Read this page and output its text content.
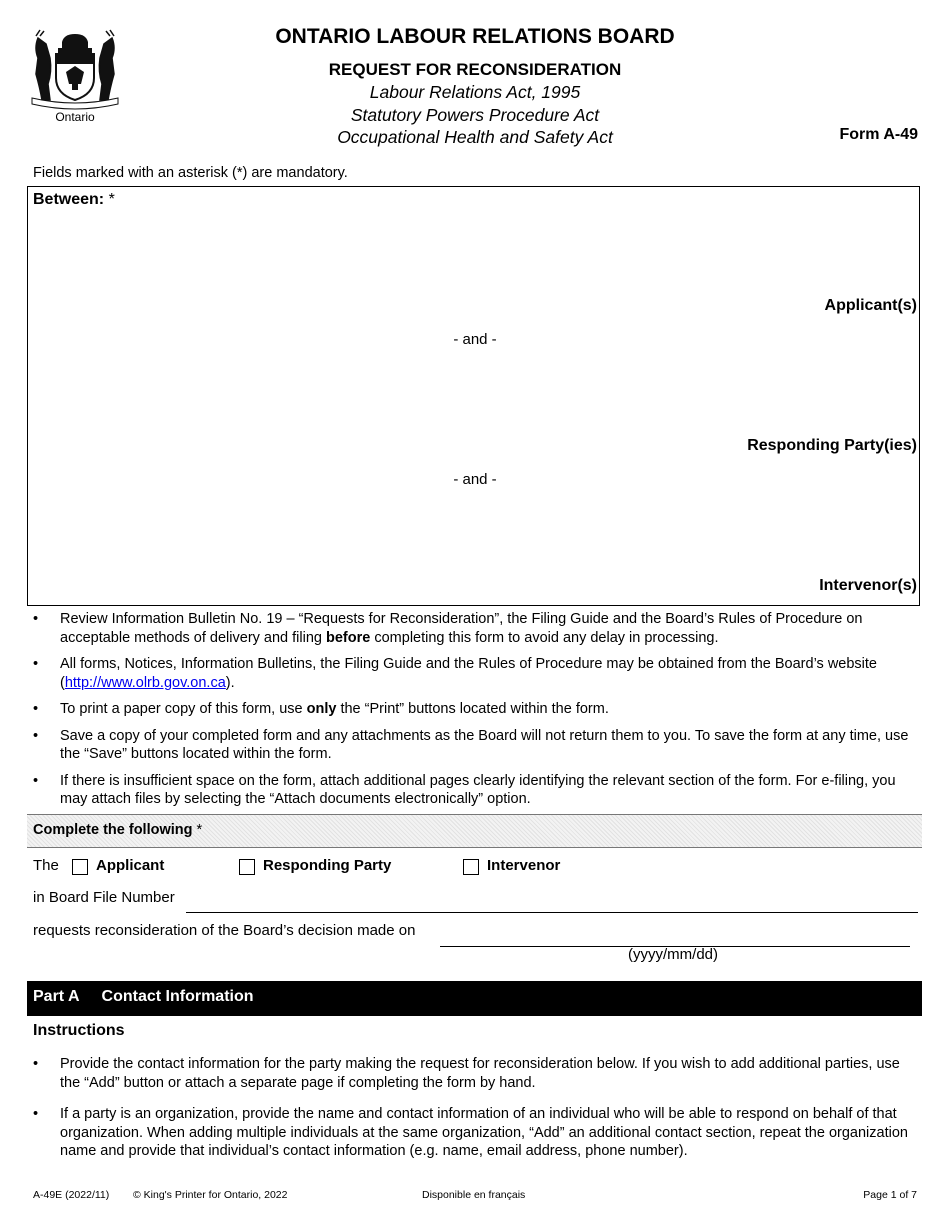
Ontario
ONTARIO LABOUR RELATIONS BOARD
REQUEST FOR RECONSIDERATION
Labour Relations Act, 1995
Statutory Powers Procedure Act
Occupational Health and Safety Act	Form A-49
Fields marked with an asterisk (*) are mandatory.
Between: *
Applicant(s)
- and -
Responding Party(ies)
- and -
Intervenor(s)
• Review Information Bulletin No. 19 – “Requests for Reconsideration”, the Filing Guide and the Board’s Rules of Procedure on acceptable methods of delivery and filing before completing this form to avoid any delay in processing.
• All forms, Notices, Information Bulletins, the Filing Guide and the Rules of Procedure may be obtained from the Board’s website (http://www.olrb.gov.on.ca).
• To print a paper copy of this form, use only the “Print” buttons located within the form.
• Save a copy of your completed form and any attachments as the Board will not return them to you. To save the form at any time, use the “Save” buttons located within the form.
• If there is insufficient space on the form, attach additional pages clearly identifying the relevant section of the form. For e-filing, you may attach files by selecting the “Attach documents electronically” option.
Complete the following *
The Applicant	Responding Party	Intervenor
in Board File Number
requests reconsideration of the Board’s decision made on
(yyyy/mm/dd)
Part A Contact Information
Instructions
• Provide the contact information for the party making the request for reconsideration below. If you wish to add additional parties, use the “Add” button or attach a separate page if completing the form by hand.
• If a party is an organization, provide the name and contact information of an individual who will be able to respond on behalf of that organization. When adding multiple individuals at the same organization, “Add” an additional contact section, repeat the organization name and provide that individual’s contact information (e.g. name, email address, phone number).
A-49E (2022/11) © King's Printer for Ontario, 2022	Disponible en français	Page 1 of 7
